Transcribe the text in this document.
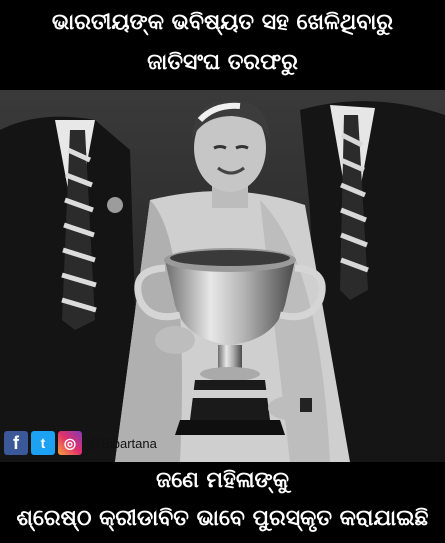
ଭାରତୀୟଙ୍କ ଭବିଷ୍ୟତ ସହ ଖେଳିଥିବାରୁ
ଜାତିସଂଘ ତରଫରୁ
f	t	◎ @Bibartana
ଜଣେ ମହିଳାଙ୍କୁ
ଶ୍ରେଷ୍ଠ କ୍ରୀଡାବିତ ଭାବେ ପୁରସ୍କୃତ କରାଯାଇଛି
